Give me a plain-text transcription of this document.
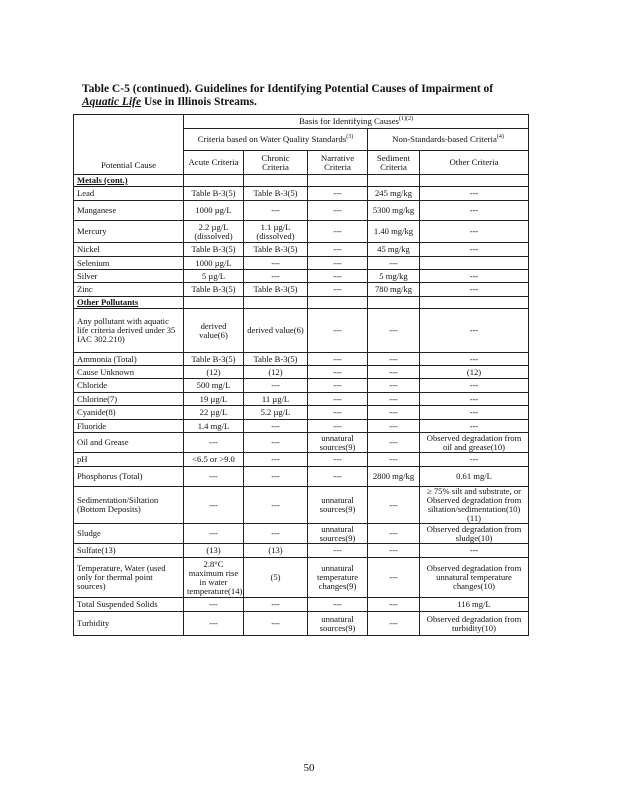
Table C-5 (continued). Guidelines for Identifying Potential Causes of Impairment of
Aquatic Life Use in Illinois Streams.
Potential Cause	Basis for Identifying Causes$^{(1)(2)}$
	Criteria based on Water Quality Standards$^{(3)}$			Non-Standards-based Criteria$^{(4)}$
	Acute Criteria	Chronic Criteria	Narrative Criteria	Sediment Criteria	Other Criteria
Metals (cont.)					
Lead	Table B-3(5)	Table B-3(5)	---	245 mg/kg	---
Manganese	1000 µg/L	---	---	5300 mg/kg	---
Mercury	2.2 µg/L (dissolved)	1.1 µg/L (dissolved)	---	1.40 mg/kg	---
Nickel	Table B-3(5)	Table B-3(5)	---	45 mg/kg	---
Selenium	1000 µg/L	---	---	---	
Silver	5 µg/L	---	---	5 mg/kg	---
Zinc	Table B-3(5)	Table B-3(5)	---	780 mg/kg	---
Other Pollutants					
Any pollutant with aquatic life criteria derived under 35 IAC 302.210)	derived value(6)	derived value(6)	---	---	---
Ammonia (Total)	Table B-3(5)	Table B-3(5)	---	---	---
Cause Unknown	(12)	(12)	---	---	(12)
Chloride	500 mg/L	---	---	---	---
Chlorine(7)	19 µg/L	11 µg/L	---	---	---
Cyanide(8)	22 µg/L	5.2 µg/L	---	---	---
Fluoride	1.4 mg/L	---	---	---	---
Oil and Grease	---	---	unnatural sources(9)	---	Observed degradation from oil and grease(10)
pH	<6.5 or >9.0	---	---	---	---
Phosphorus (Total)	---	---	---	2800 mg/kg	0.61 mg/L
Sedimentation/Siltation (Bottom Deposits)	---	---	unnatural sources(9)	---	≥ 75% silt and substrate, or Observed degradation from siltation/sedimentation(10)(11)
Sludge	---	---	unnatural sources(9)	---	Observed degradation from sludge(10)
Sulfate(13)	(13)	(13)	---	---	---
Temperature, Water (used only for thermal point sources)	2.8°C maximum rise in water temperature(14)	(5)	unnatural temperature changes(9)	---	Observed degradation from unnatural temperature changes(10)
Total Suspended Solids	---	---	---	---	116 mg/L
Turbidity	---	---	unnatural sources(9)	---	Observed degradation from turbidity(10)
50
